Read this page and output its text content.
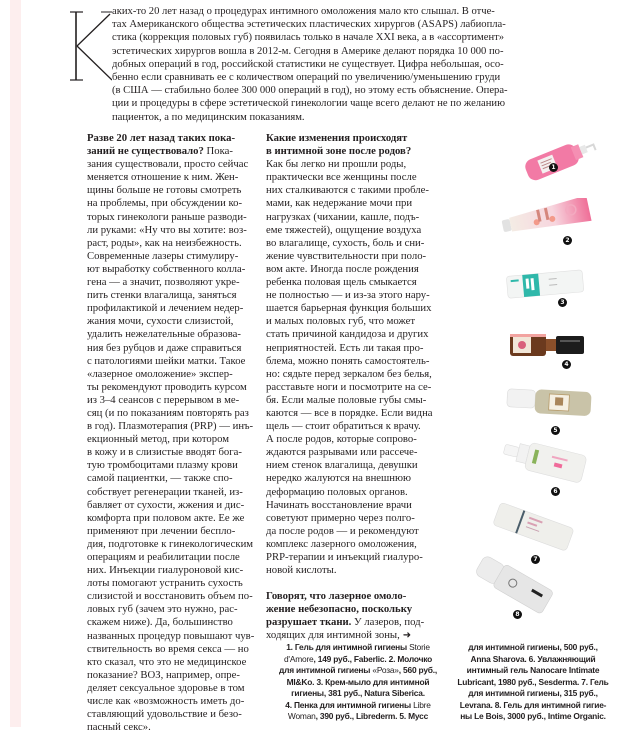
аких-то 20 лет назад о процедурах интимного омоложения мало кто слышал. В отче-
тах Американского общества эстетических пластических хирургов (ASAPS) лабиопла-
стика (коррекция половых губ) появилась только в начале XXI века, а в «ассортимент»
эстетических хирургов вошла в 2012-м. Сегодня в Америке делают порядка 10 000 по-
добных операций в год, российской статистики не существует. Цифра небольшая, осо-
бенно если сравнивать ее с количеством операций по увеличению/уменьшению груди
(в США — стабильно более 300 000 операций в год), но этому есть объяснение. Опера-
ции и процедуры в сфере эстетической гинекологии чаще всего делают не по желанию
пациенток, а по медицинским показаниям.
Разве 20 лет назад таких пока-
заний не существовало? Пока-
зания существовали, просто сейчас
меняется отношение к ним. Жен-
щины больше не готовы смотреть
на проблемы, при обсуждении ко-
торых гинекологи раньше разводи-
ли руками: «Ну что вы хотите: воз-
раст, роды», как на неизбежность.
Современные лазеры стимулиру-
ют выработку собственного колла-
гена — а значит, позволяют укре-
пить стенки влагалища, заняться
профилактикой и лечением недер-
жания мочи, сухости слизистой,
удалить нежелательные образова-
ния без рубцов и даже справиться
с патологиями шейки матки. Такое
«лазерное омоложение» экспер-
ты рекомендуют проводить курсом
из 3–4 сеансов с перерывом в ме-
сяц (и по показаниям повторять раз
в год). Плазмотерапия (PRP) — инъ-
екционный метод, при котором
в кожу и в слизистые вводят бога-
тую тромбоцитами плазму крови
самой пациентки, — также спо-
собствует регенерации тканей, из-
бавляет от сухости, жжения и дис-
комфорта при половом акте. Ее же
применяют при лечении беспло-
дия, подготовке к гинекологическим
операциям и реабилитации после
них. Инъекции гиалуроновой кис-
лоты помогают устранить сухость
слизистой и восстановить объем по-
ловых губ (зачем это нужно, рас-
скажем ниже). Да, большинство
названных процедур повышают чув-
ствительность во время секса — но
кто сказал, что это не медицинское
показание? ВОЗ, например, опре-
деляет сексуальное здоровье в том
числе как «возможность иметь до-
ставляющий удовольствие и безо-
пасный секс».
Какие изменения происходят
в интимной зоне после родов?
Как бы легко ни прошли роды,
практически все женщины после
них сталкиваются с такими пробле-
мами, как недержание мочи при
нагрузках (чихании, кашле, подъ-
еме тяжестей), ощущение воздуха
во влагалище, сухость, боль и сни-
жение чувствительности при поло-
вом акте. Иногда после рождения
ребенка половая щель смыкается
не полностью — и из-за этого нару-
шается барьерная функция больших
и малых половых губ, что может
стать причиной кандидоза и других
неприятностей. Есть ли такая про-
блема, можно понять самостоятель-
но: сядьте перед зеркалом без белья,
расставьте ноги и посмотрите на се-
бя. Если малые половые губы смы-
каются — все в порядке. Если видна
щель — стоит обратиться к врачу.
А после родов, которые сопрово-
ждаются разрывами или рассече-
нием стенок влагалища, девушки
нередко жалуются на внешнюю
деформацию половых органов.
Начинать восстановление врачи
советуют примерно через полго-
да после родов — и рекомендуют
комплекс лазерного омоложения,
PRP-терапии и инъекций гиалуро-
новой кислоты.
Говорят, что лазерное омоло-
жение небезопасно, поскольку
разрушает ткани. У лазеров, под-
ходящих для интимной зоны, ➜
1
2
3
4
5
6
7
8
1. Гель для интимной гигиены Storie
d'Amore, 149 руб., Faberlic. 2. Молочко
для интимной гигиены «Роза», 560 руб.,
MI&Ko. 3. Крем-мыло для интимной
гигиены, 381 руб., Natura Siberica.
4. Пенка для интимной гигиены Libre
Woman, 390 руб., Librederm. 5. Мусс
для интимной гигиены, 500 руб.,
Anna Sharova. 6. Увлажняющий
интимный гель Nanocare Intimate
Lubricant, 1980 руб., Sesderma. 7. Гель
для интимной гигиены, 315 руб.,
Levrana. 8. Гель для интимной гигие-
ны Le Bois, 3000 руб., Intime Organic.
